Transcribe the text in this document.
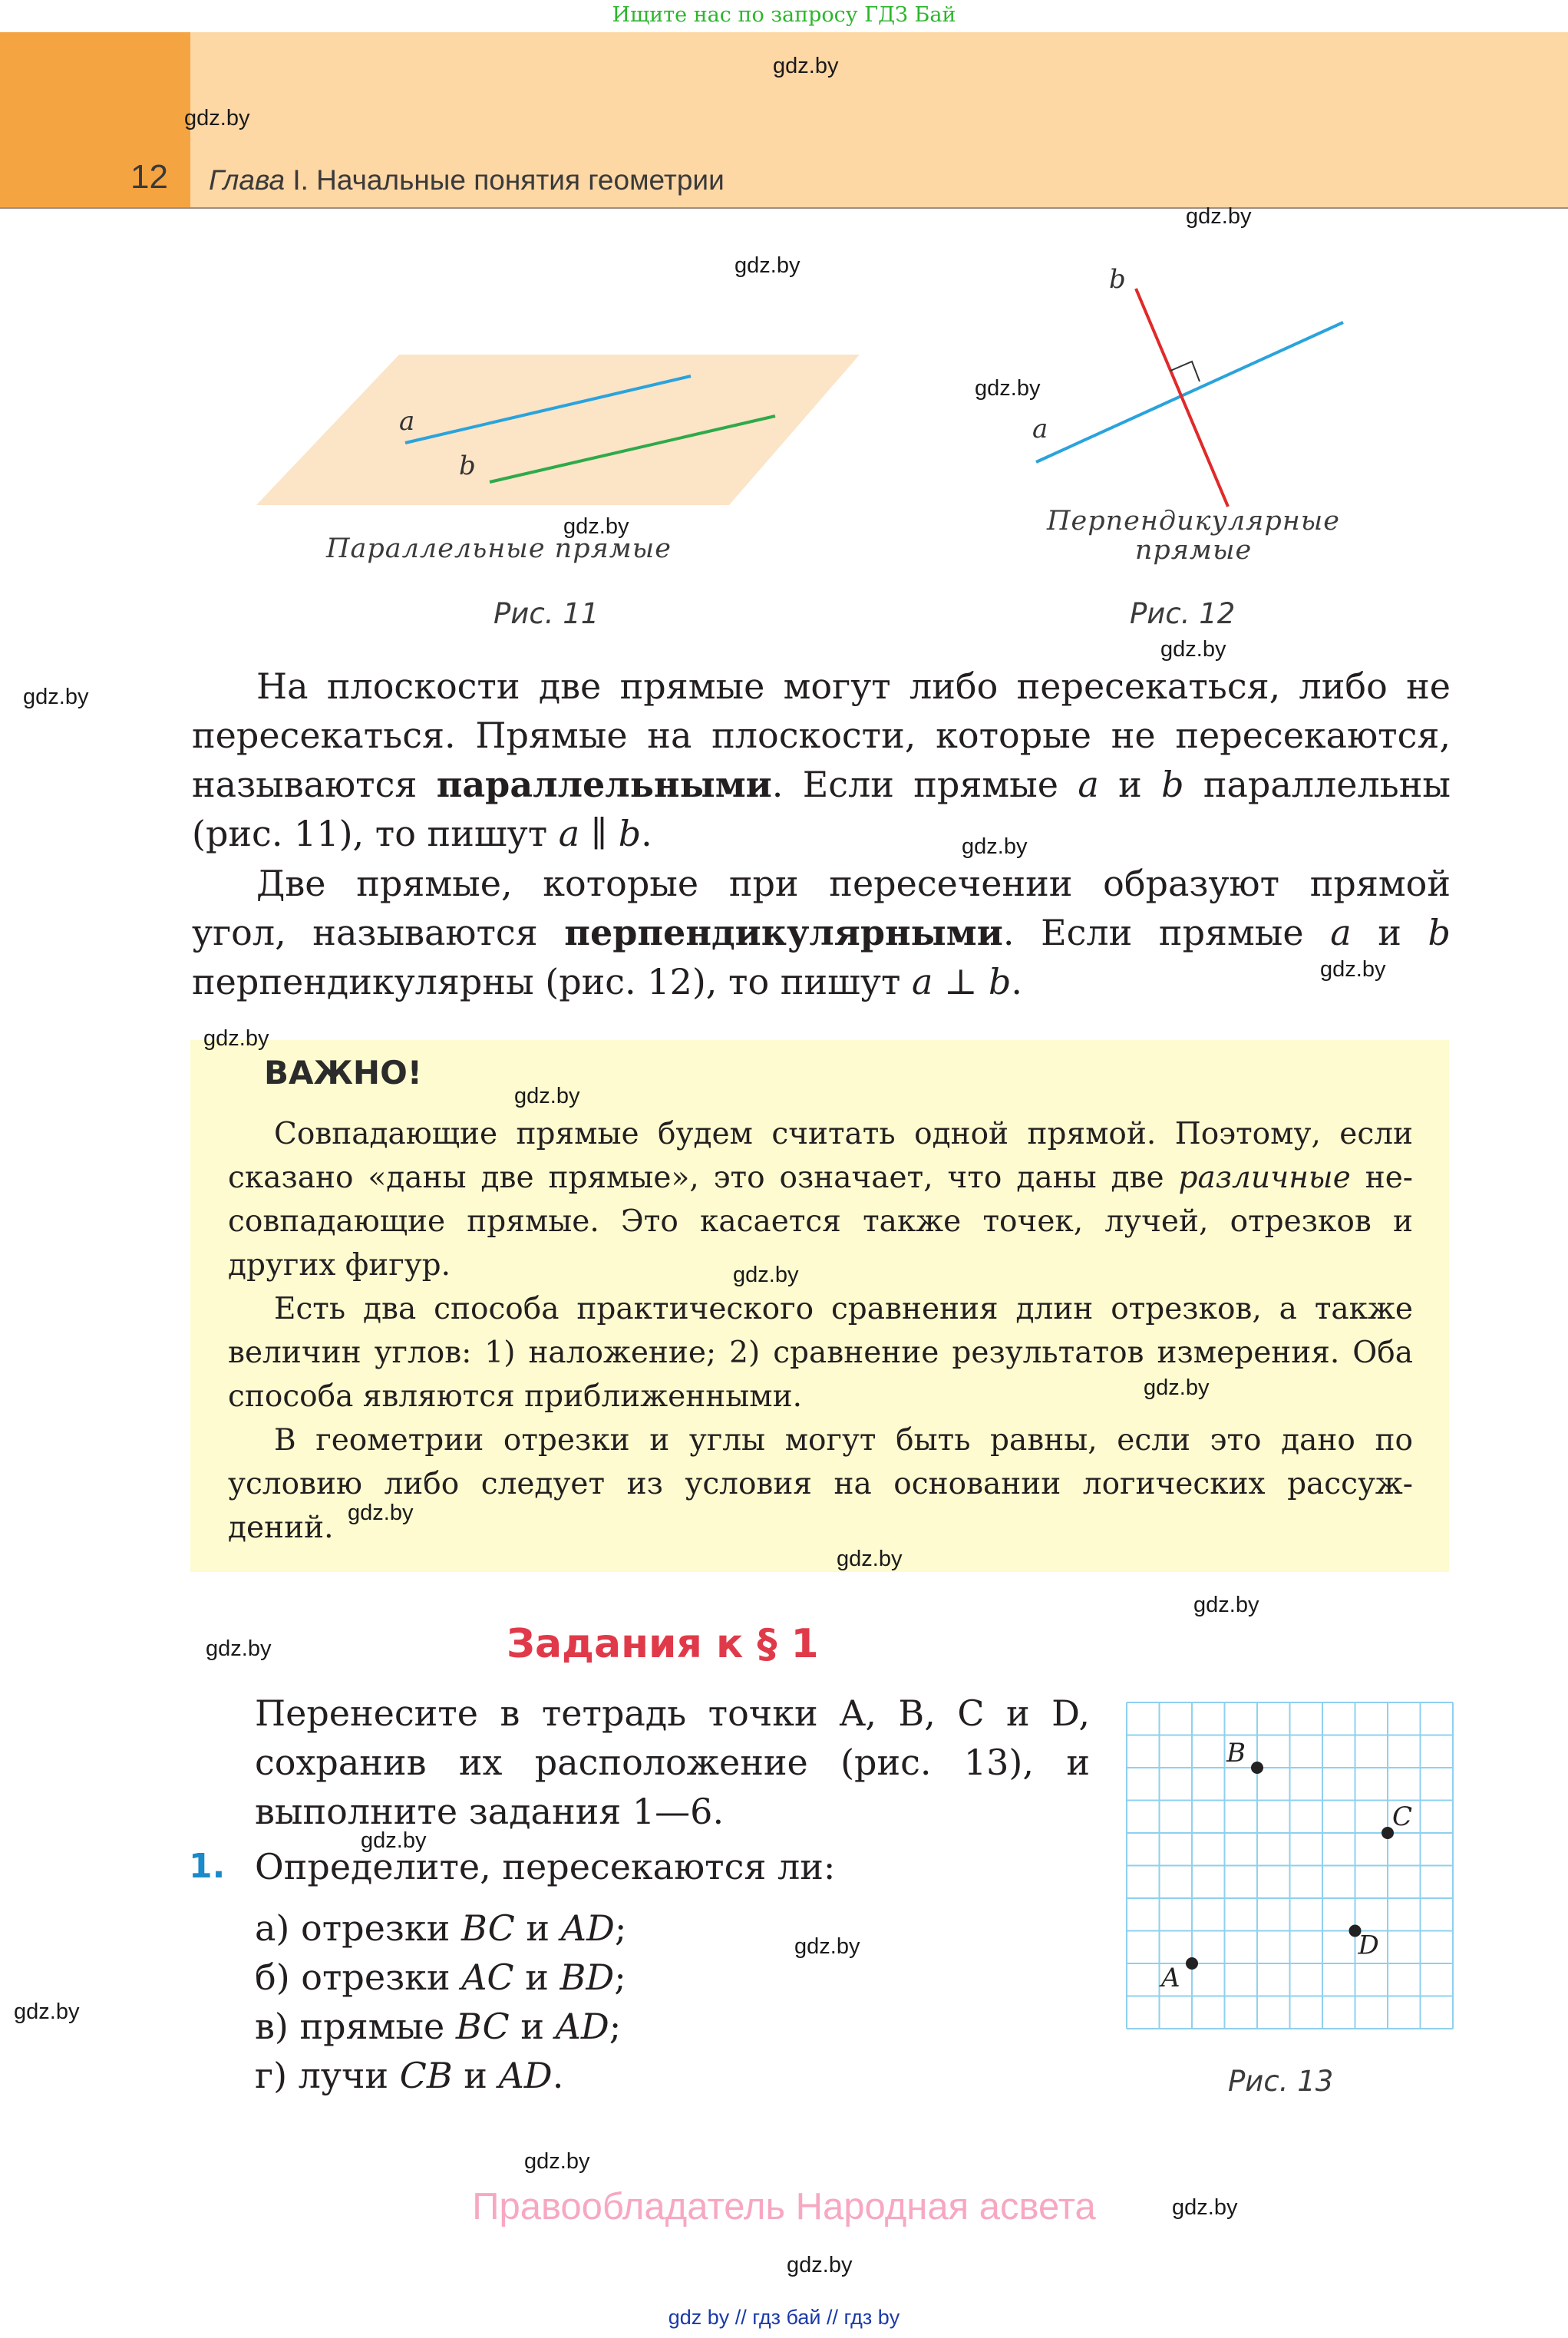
Ищите нас по запросу ГДЗ Бай
12 Глава I. Начальные понятия геометрии
a
b
Параллельные прямые
Рис. 11
b
a
Перпендикулярные
прямые
Рис. 12
На плоскости две прямые могут либо пересекаться, либо не
пересекаться. Прямые на плоскости, которые не пересекаются,
называются параллельными. Если прямые a и b параллельны
(рис. 11), то пишут a ∥ b.
Две прямые, которые при пересечении образуют прямой
угол, называются перпендикулярными. Если прямые a и b
перпендикулярны (рис. 12), то пишут a ⊥ b.
ВАЖНО!

Совпадающие прямые будем считать одной прямой. Поэтому, если сказано «даны две прямые», это означает, что даны две различные не-совпадающие прямые. Это касается также точек, лучей, отрезков и других фигур.

Есть два способа практического сравнения длин отрезков, а также величин углов: 1) наложение; 2) сравнение результатов измерения. Оба способа являются приближенными.

В геометрии отрезки и углы могут быть равны, если это дано по условию либо следует из условия на основании логических рассуж-дений.

Задания к § 1

Перенесите в тетрадь точки A, B, C и D, сохранив их расположение (рис. 13), и выполните задания 1—6.

1. Определите, пересекаются ли:
а) отрезки BC и AD;
б) отрезки AC и BD;
в) прямые BC и AD;
г) лучи CB и AD.
A
B
C
D
Рис. 13
Правообладатель Народная асвета
gdz by // гдз бай // гдз by
gdz.by
gdz.by
gdz.by
gdz.by
gdz.by
gdz.by
gdz.by
gdz.by
gdz.by
gdz.by
gdz.by
gdz.by
gdz.by
gdz.by
gdz.by
gdz.by
gdz.by
gdz.by
gdz.by
gdz.by
gdz.by
gdz.by
gdz.by
gdz.by
